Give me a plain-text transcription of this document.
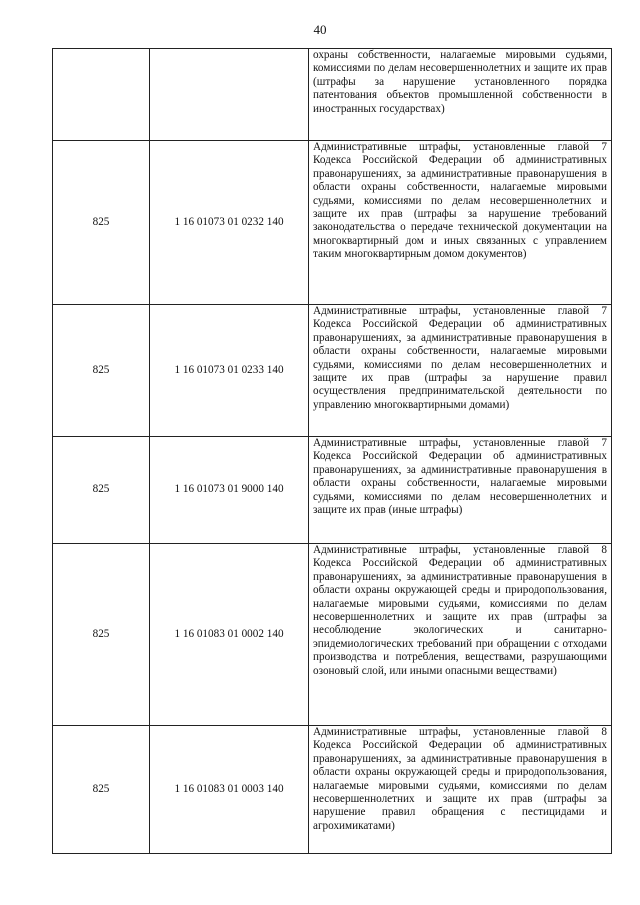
40
		охраны собственности, налагаемые мировыми судьями, комиссиями по делам несовершеннолетних и защите их прав (штрафы за нарушение установленного порядка патентования объектов промышленной собственности в иностранных государствах)
825	1 16 01073 01 0232 140	Административные штрафы, установленные главой 7 Кодекса Российской Федерации об административных правонарушениях, за административные правонарушения в области охраны собственности, налагаемые мировыми судьями, комиссиями по делам несовершеннолетних и защите их прав (штрафы за нарушение требований законодательства о передаче технической документации на многоквартирный дом и иных связанных с управлением таким многоквартирным домом документов)
825	1 16 01073 01 0233 140	Административные штрафы, установленные главой 7 Кодекса Российской Федерации об административных правонарушениях, за административные правонарушения в области охраны собственности, налагаемые мировыми судьями, комиссиями по делам несовершеннолетних и защите их прав (штрафы за нарушение правил осуществления предпринимательской деятельности по управлению многоквартирными домами)
825	1 16 01073 01 9000 140	Административные штрафы, установленные главой 7 Кодекса Российской Федерации об административных правонарушениях, за административные правонарушения в области охраны собственности, налагаемые мировыми судьями, комиссиями по делам несовершеннолетних и защите их прав (иные штрафы)
825	1 16 01083 01 0002 140	Административные штрафы, установленные главой 8 Кодекса Российской Федерации об административных правонарушениях, за административные правонарушения в области охраны окружающей среды и природопользования, налагаемые мировыми судьями, комиссиями по делам несовершеннолетних и защите их прав (штрафы за несоблюдение экологических и санитарно-эпидемиологических требований при обращении с отходами производства и потребления, веществами, разрушающими озоновый слой, или иными опасными веществами)
825	1 16 01083 01 0003 140	Административные штрафы, установленные главой 8 Кодекса Российской Федерации об административных правонарушениях, за административные правонарушения в области охраны окружающей среды и природопользования, налагаемые мировыми судьями, комиссиями по делам несовершеннолетних и защите их прав (штрафы за нарушение правил обращения с пестицидами и агрохимикатами)
